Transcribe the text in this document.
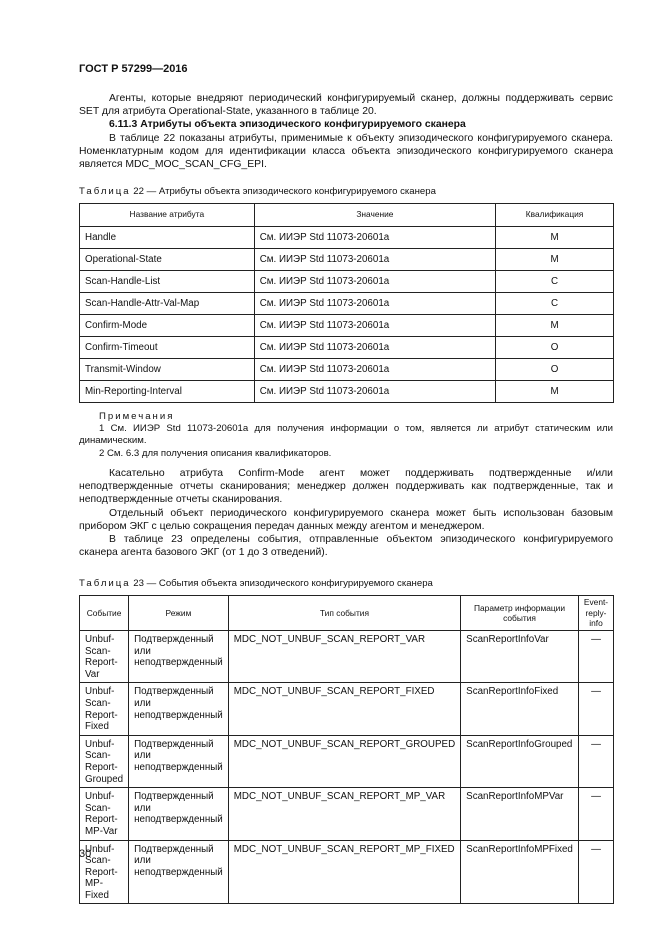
ГОСТ Р 57299—2016

Агенты, которые внедряют периодический конфигурируемый сканер, должны поддерживать сервис SET для атрибута Operational-State, указанного в таблице 20.

6.11.3 Атрибуты объекта эпизодического конфигурируемого сканера

В таблице 22 показаны атрибуты, применимые к объекту эпизодического конфигурируемого сканера. Номенклатурным кодом для идентификации класса объекта эпизодического конфигурируемого сканера является MDC_MOC_SCAN_CFG_EPI.

Таблица 22 — Атрибуты объекта эпизодического конфигурируемого сканера
Название атрибута	Значение	Квалификация
Handle	См. ИИЭР Std 11073-20601a	M
Operational-State	См. ИИЭР Std 11073-20601a	M
Scan-Handle-List	См. ИИЭР Std 11073-20601a	C
Scan-Handle-Attr-Val-Map	См. ИИЭР Std 11073-20601a	C
Confirm-Mode	См. ИИЭР Std 11073-20601a	M
Confirm-Timeout	См. ИИЭР Std 11073-20601a	O
Transmit-Window	См. ИИЭР Std 11073-20601a	O
Min-Reporting-Interval	См. ИИЭР Std 11073-20601a	M

Примечания

1 См. ИИЭР Std 11073-20601a для получения информации о том, является ли атрибут статическим или динамическим.

2 См. 6.3 для получения описания квалификаторов.

Касательно атрибута Confirm-Mode агент может поддерживать подтвержденные и/или неподтвержденные отчеты сканирования; менеджер должен поддерживать как подтвержденные, так и неподтвержденные отчеты сканирования.

Отдельный объект периодического конфигурируемого сканера может быть использован базовым прибором ЭКГ с целью сокращения передач данных между агентом и менеджером.

В таблице 23 определены события, отправленные объектом эпизодического конфигурируемого сканера агента базового ЭКГ (от 1 до 3 отведений).

Таблица 23 — События объекта эпизодического конфигурируемого сканера
Событие	Режим	Тип события	Параметр информации события	Event-reply-info
Unbuf-Scan-Report-Var	Подтвержденный или неподтвержденный	MDC_NOT_UNBUF_SCAN_REPORT_VAR	ScanReportInfoVar	—
Unbuf-Scan-Report-Fixed	Подтвержденный или неподтвержденный	MDC_NOT_UNBUF_SCAN_REPORT_FIXED	ScanReportInfoFixed	—
Unbuf-Scan-Report-Grouped	Подтвержденный или неподтвержденный	MDC_NOT_UNBUF_SCAN_REPORT_GROUPED	ScanReportInfoGrouped	—
Unbuf-Scan-Report-MP-Var	Подтвержденный или неподтвержденный	MDC_NOT_UNBUF_SCAN_REPORT_MP_VAR	ScanReportInfoMPVar	—
Unbuf-Scan-Report-MP-Fixed	Подтвержденный или неподтвержденный	MDC_NOT_UNBUF_SCAN_REPORT_MP_FIXED	ScanReportInfoMPFixed	—
30
